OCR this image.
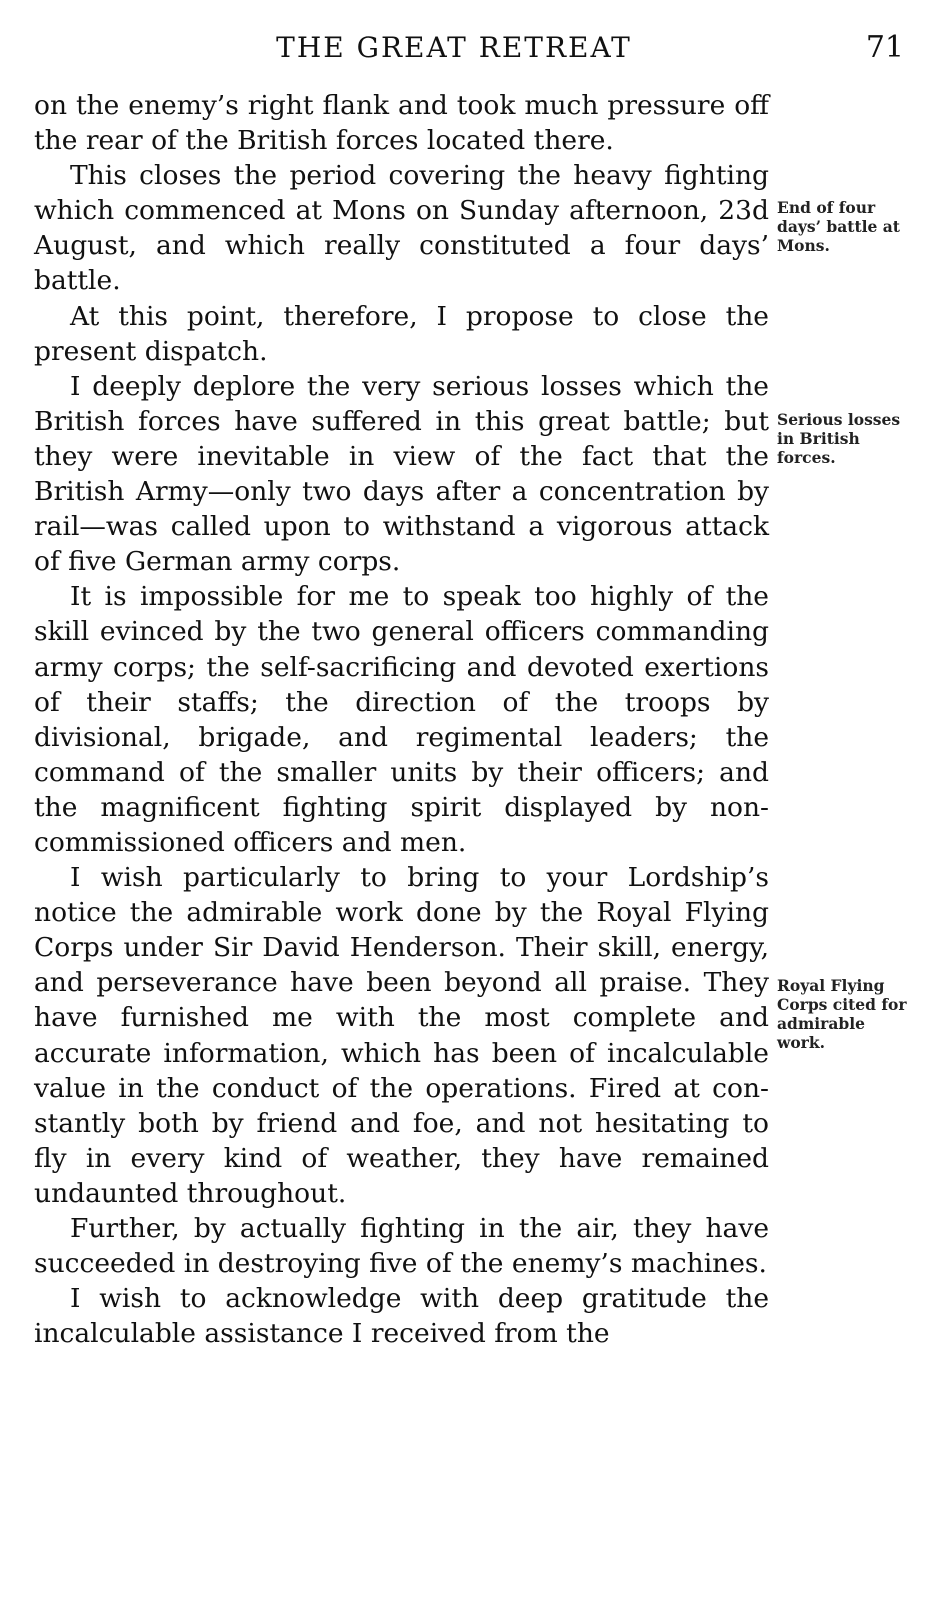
THE GREAT RETREAT	71

on the enemy’s right flank and took much pressure off the rear of the British forces located there.

This closes the period covering the heavy fighting which commenced at Mons on Sunday afternoon, 23d August, and which really constituted a four days’ battle.

At this point, therefore, I propose to close the present dispatch.

I deeply deplore the very serious losses which the British forces have suffered in this great battle; but they were inevitable in view of the fact that the British Army—only two days after a concentration by rail—was called upon to withstand a vigorous attack of five German army corps.

It is impossible for me to speak too highly of the skill evinced by the two general officers commanding army corps; the self-sacrificing and devoted exertions of their staffs; the direction of the troops by divisional, brigade, and regimental leaders; the command of the smaller units by their officers; and the magnificent fighting spirit displayed by non-commissioned officers and men.

I wish particularly to bring to your Lordship’s notice the admirable work done by the Royal Flying Corps under Sir David Henderson. Their skill, energy, and perseverance have been beyond all praise. They have furnished me with the most complete and accurate information, which has been of incalculable value in the conduct of the operations. Fired at constantly both by friend and foe, and not hesitating to fly in every kind of weather, they have remained undaunted throughout.

Further, by actually fighting in the air, they have succeeded in destroying five of the enemy’s machines.

I wish to acknowledge with deep gratitude the incalculable assistance I received from the

End of four days’ battle at Mons.
Serious losses in British forces.
Royal Flying Corps cited for admirable work.
